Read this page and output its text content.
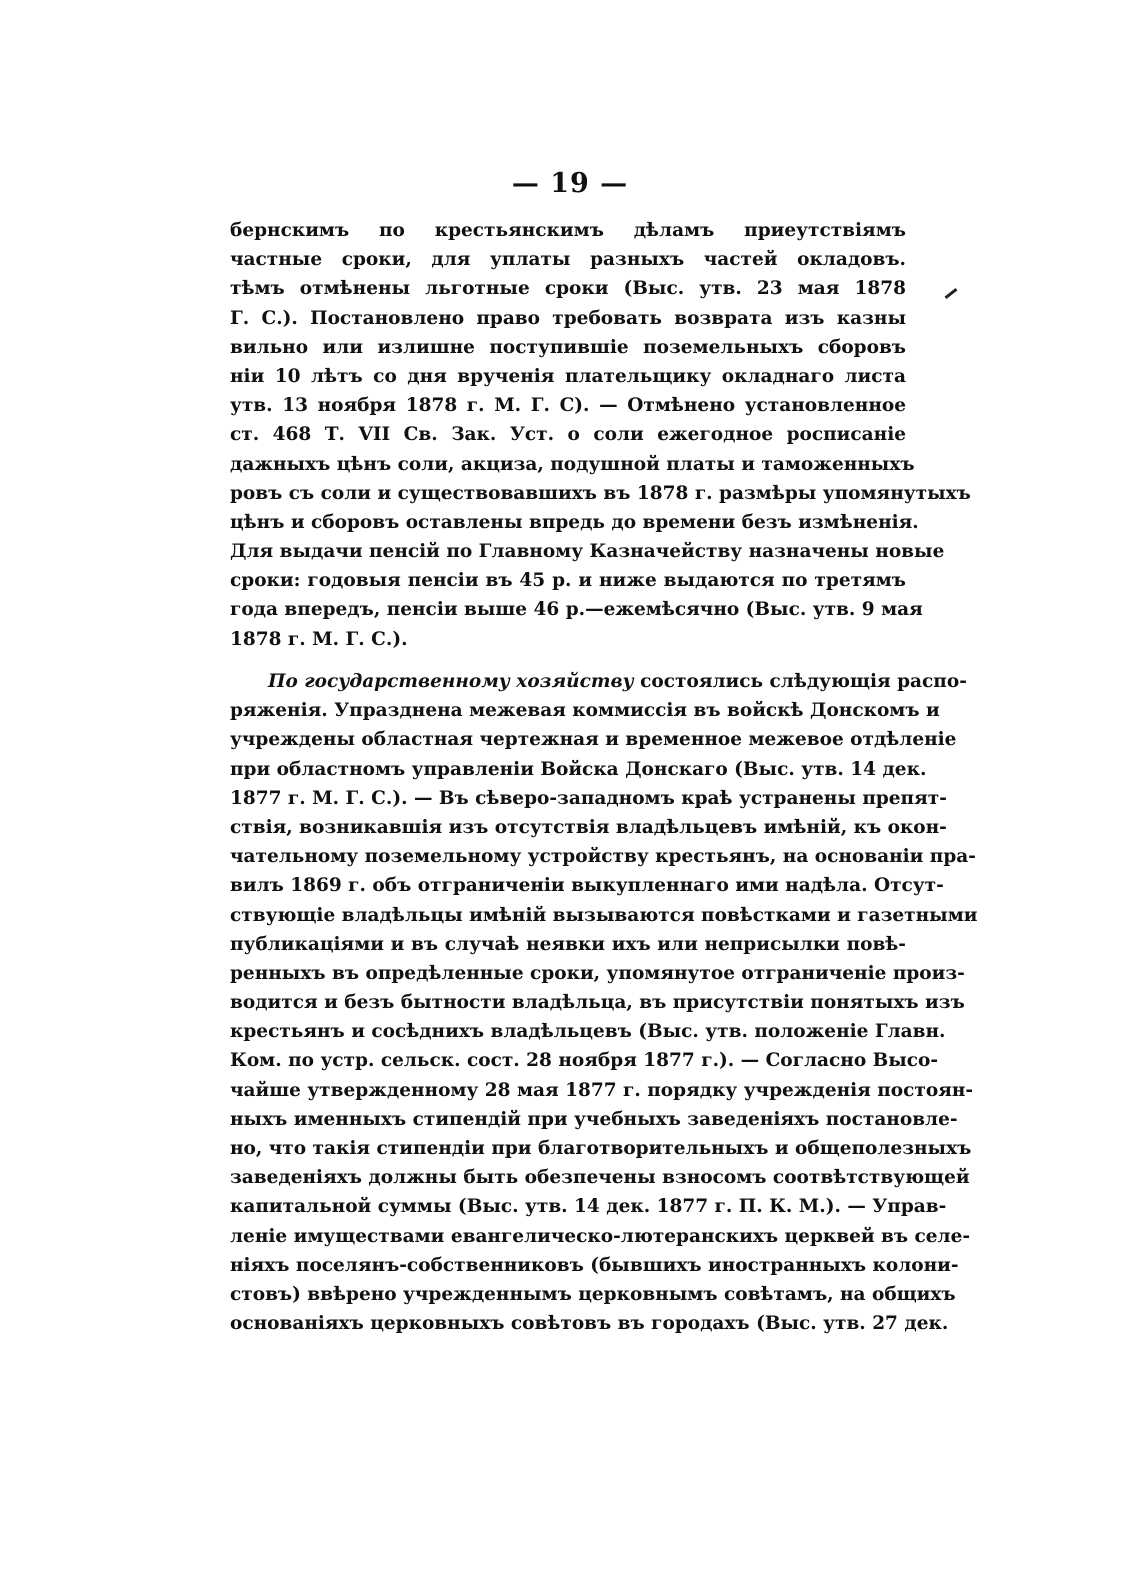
— 19 —
бернскимъ по крестьянскимъ дѣламъ приеутствіямъ
частные сроки, для уплаты разныхъ частей окладовъ.
тѣмъ отмѣнены льготные сроки (Выс. утв. 23 мая 1878
Г. С.). Постановлено право требовать возврата изъ казны
вильно или излишне поступившіе поземельныхъ сборовъ
ніи 10 лѣтъ со дня врученія плательщику окладнаго листа
утв. 13 ноября 1878 г. М. Г. С). — Отмѣнено установленное
ст. 468 Т. VII Св. Зак. Уст. о соли ежегодное росписаніе
дажныхъ цѣнъ соли, акциза, подушной платы и таможенныхъ
ровъ съ соли и существовавшихъ въ 1878 г. размѣры упомянутыхъ
цѣнъ и сборовъ оставлены впредь до времени безъ измѣненія.
Для выдачи пенсій по Главному Казначейству назначены новые
сроки: годовыя пенсіи въ 45 р. и ниже выдаются по третямъ
года впередъ, пенсіи выше 46 р.—ежемѣсячно (Выс. утв. 9 мая
1878 г. М. Г. С.).
По государственному хозяйству состоялись слѣдующія распо-
ряженія. Упразднена межевая коммиссія въ войскѣ Донскомъ и
учреждены областная чертежная и временное межевое отдѣленіе
при областномъ управленіи Войска Донскаго (Выс. утв. 14 дек.
1877 г. М. Г. С.). — Въ сѣверо-западномъ краѣ устранены препят-
ствія, возникавшія изъ отсутствія владѣльцевъ имѣній, къ окон-
чательному поземельному устройству крестьянъ, на основаніи пра-
вилъ 1869 г. объ отграниченіи выкупленнаго ими надѣла. Отсут-
ствующіе владѣльцы имѣній вызываются повѣстками и газетными
публикаціями и въ случаѣ неявки ихъ или неприсылки повѣ-
ренныхъ въ опредѣленные сроки, упомянутое отграниченіе произ-
водится и безъ бытности владѣльца, въ присутствіи понятыхъ изъ
крестьянъ и сосѣднихъ владѣльцевъ (Выс. утв. положеніе Главн.
Ком. по устр. сельск. сост. 28 ноября 1877 г.). — Согласно Высо-
чайше утвержденному 28 мая 1877 г. порядку учрежденія постоян-
ныхъ именныхъ стипендій при учебныхъ заведеніяхъ постановле-
но, что такія стипендіи при благотворительныхъ и общеполезныхъ
заведеніяхъ должны быть обезпечены взносомъ соотвѣтствующей
капитальной суммы (Выс. утв. 14 дек. 1877 г. П. К. М.). — Управ-
леніе имуществами евангелическо-лютеранскихъ церквей въ селе-
ніяхъ поселянъ-собственниковъ (бывшихъ иностранныхъ колони-
стовъ) ввѣрено учрежденнымъ церковнымъ совѣтамъ, на общихъ
основаніяхъ церковныхъ совѣтовъ въ городахъ (Выс. утв. 27 дек.
